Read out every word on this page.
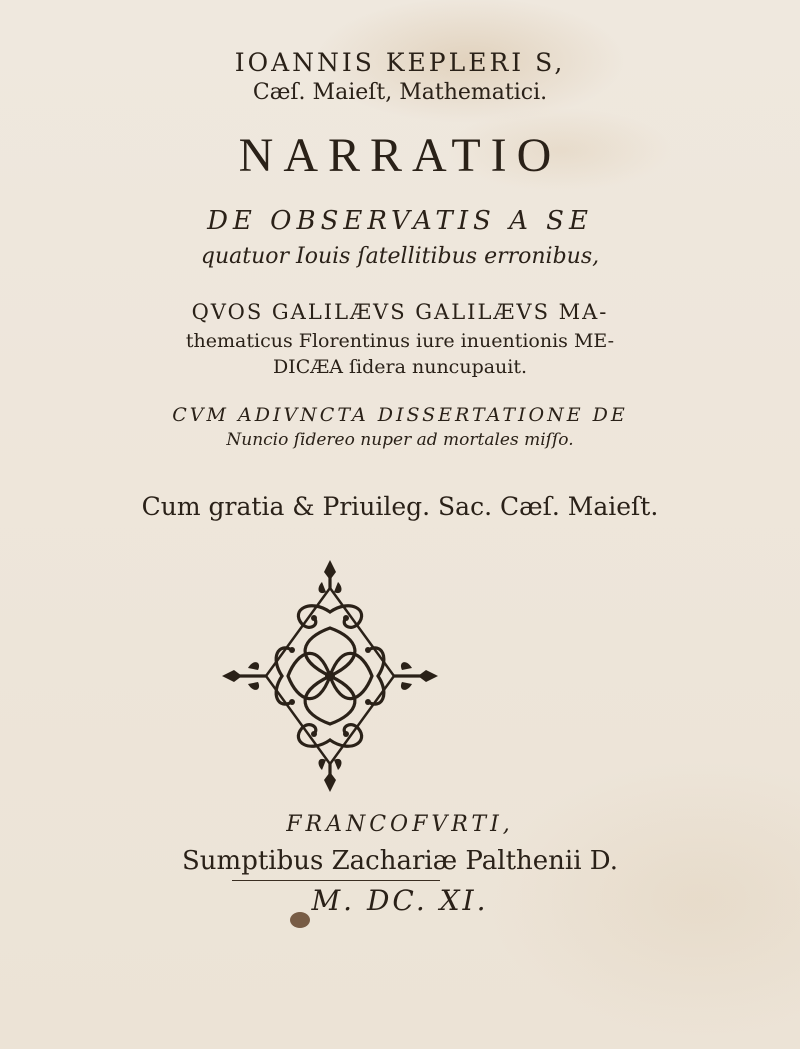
IOANNIS KEPLERI S,
Cæſ. Maieſt, Mathematici.
NARRATIO
DE OBSERVATIS A SE
quatuor Iouis ſatellitibus erronibus,
QVOS GALILÆVS GALILÆVS MA-
thematicus Florentinus iure inuentionis ME-
DICÆA ſidera nuncupauit.
CVM ADIVNCTA DISSERTATIONE DE
Nuncio ſidereo nuper ad mortales miſſo.
Cum gratia & Priuileg. Sac. Cæſ. Maieſt.
FRANCOFVRTI,
Sumptibus Zachariæ Palthenii D.
M. DC. XI.
